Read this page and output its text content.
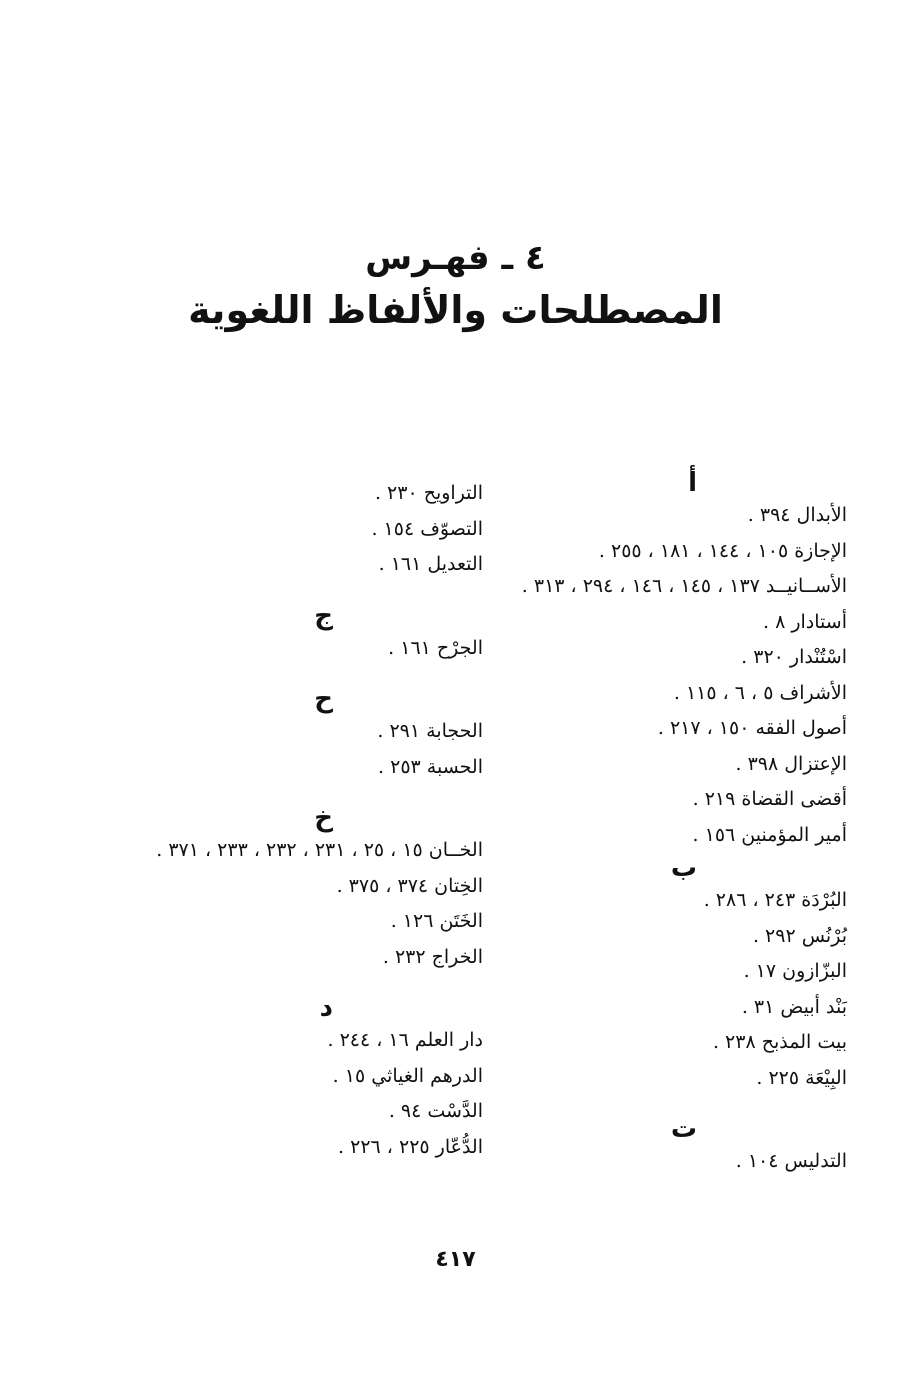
٤ ـ فهـرس
المصطلحات والألفاظ اللغوية
أ
الأبدال ٣٩٤ .
الإجازة ١٠٥ ، ١٤٤ ، ١٨١ ، ٢٥٥ .
الأســانيــد ١٣٧ ، ١٤٥ ، ١٤٦ ، ٢٩٤ ، ٣١٣ .
أستادار ٨ .
اسْتُنْدار ٣٢٠ .
الأشراف ٥ ، ٦ ، ١١٥ .
أصول الفقه ١٥٠ ، ٢١٧ .
الإعتزال ٣٩٨ .
أقضى القضاة ٢١٩ .
أمير المؤمنين ١٥٦ .
ب
البُرْدَة ٢٤٣ ، ٢٨٦ .
بُرْنُس ٢٩٢ .
البزّازون ١٧ .
بَنْد أبيض ٣١ .
بيت المذبح ٢٣٨ .
البِيْعَة ٢٢٥ .
ت
التدليس ١٠٤ .
التراويح ٢٣٠ .
التصوّف ١٥٤ .
التعديل ١٦١ .
ج
الجرْح ١٦١ .
ح
الحجابة ٢٩١ .
الحسبة ٢٥٣ .
خ
الخــان ١٥ ، ٢٥ ، ٢٣١ ، ٢٣٢ ، ٢٣٣ ، ٣٧١ .
الخِتان ٣٧٤ ، ٣٧٥ .
الخَتَن ١٢٦ .
الخراج ٢٣٢ .
د
دار العلم ١٦ ، ٢٤٤ .
الدرهم الغياثي ١٥ .
الدَّسْت ٩٤ .
الدُّعّار ٢٢٥ ، ٢٢٦ .
٤١٧
